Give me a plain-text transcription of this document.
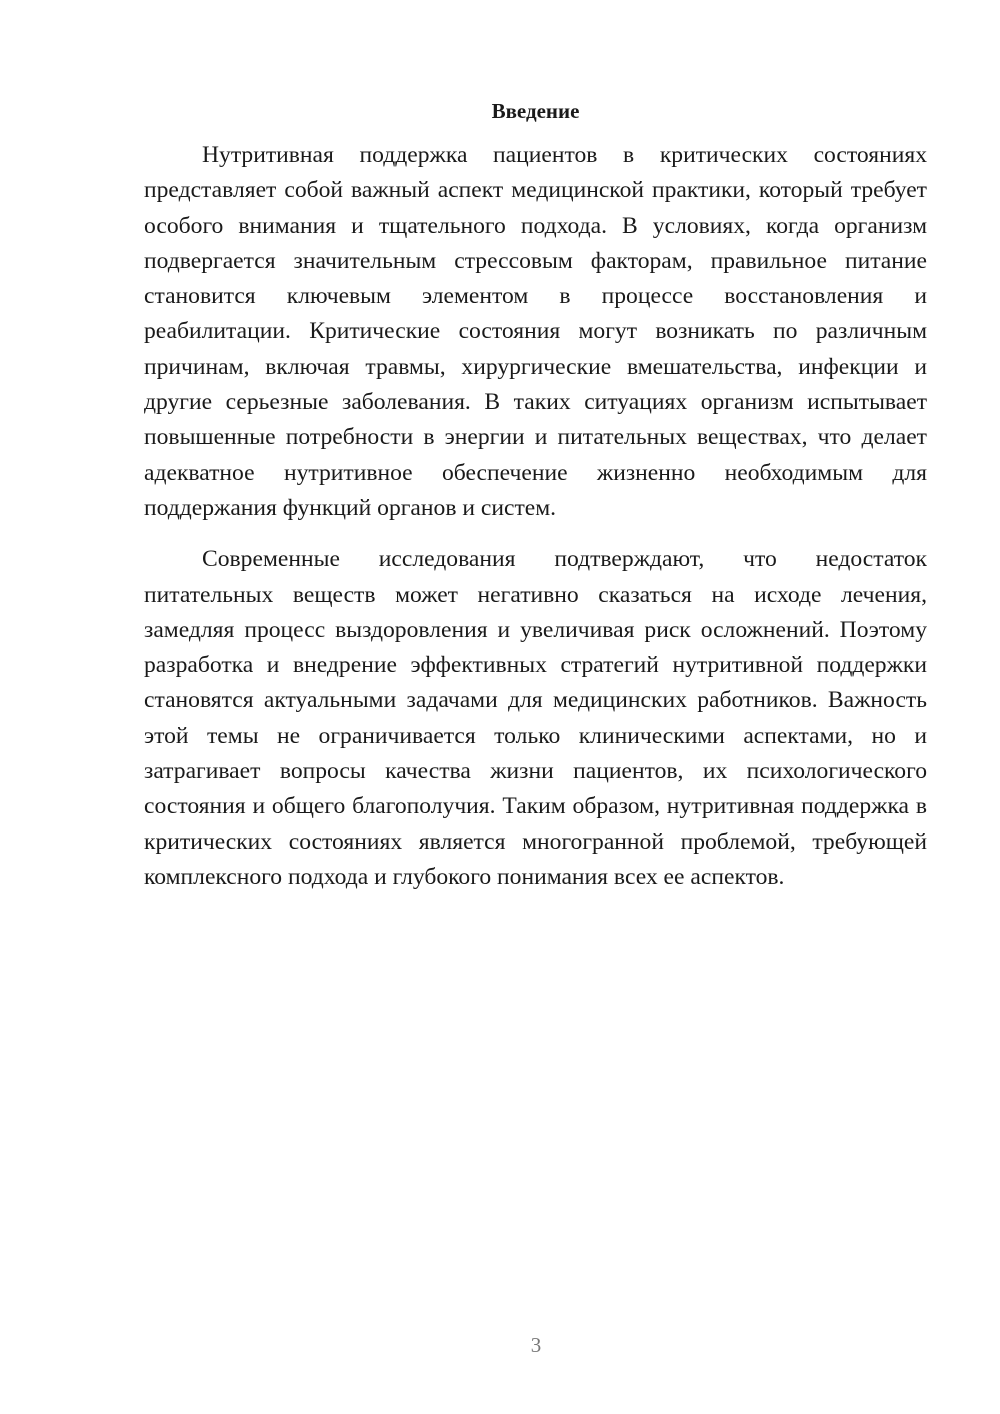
Введение

Нутритивная поддержка пациентов в критических состояниях представляет собой важный аспект медицинской практики, который требует особого внимания и тщательного подхода. В условиях, когда организм подвергается значительным стрессовым факторам, правильное питание становится ключевым элементом в процессе восстановления и реабилитации. Критические состояния могут возникать по различным причинам, включая травмы, хирургические вмешательства, инфекции и другие серьезные заболевания. В таких ситуациях организм испытывает повышенные потребности в энергии и питательных веществах, что делает адекватное нутритивное обеспечение жизненно необходимым для поддержания функций органов и систем.

Современные исследования подтверждают, что недостаток питательных веществ может негативно сказаться на исходе лечения, замедляя процесс выздоровления и увеличивая риск осложнений. Поэтому разработка и внедрение эффективных стратегий нутритивной поддержки становятся актуальными задачами для медицинских работников. Важность этой темы не ограничивается только клиническими аспектами, но и затрагивает вопросы качества жизни пациентов, их психологического состояния и общего благополучия. Таким образом, нутритивная поддержка в критических состояниях является многогранной проблемой, требующей комплексного подхода и глубокого понимания всех ее аспектов.

3
